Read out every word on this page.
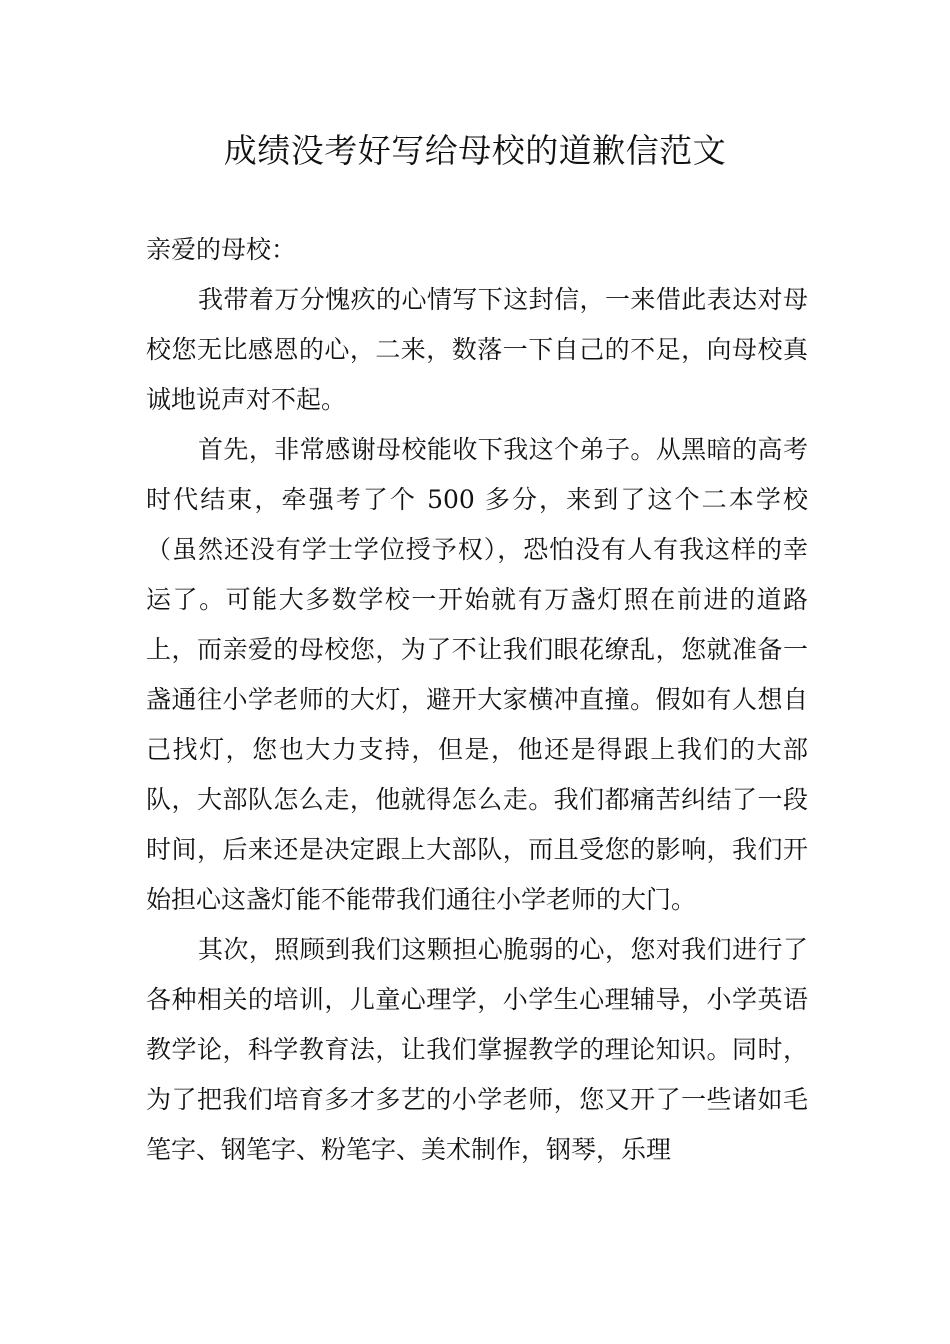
成绩没考好写给母校的道歉信范文

亲爱的母校：

我带着万分愧疚的心情写下这封信，一来借此表达对母校您无比感恩的心，二来，数落一下自己的不足，向母校真诚地说声对不起。

首先，非常感谢母校能收下我这个弟子。从黑暗的高考时代结束，牵强考了个 500 多分，来到了这个二本学校（虽然还没有学士学位授予权），恐怕没有人有我这样的幸运了。可能大多数学校一开始就有万盏灯照在前进的道路上，而亲爱的母校您，为了不让我们眼花缭乱，您就准备一盏通往小学老师的大灯，避开大家横冲直撞。假如有人想自己找灯，您也大力支持，但是，他还是得跟上我们的大部队，大部队怎么走，他就得怎么走。我们都痛苦纠结了一段时间，后来还是决定跟上大部队，而且受您的影响，我们开始担心这盏灯能不能带我们通往小学老师的大门。

其次，照顾到我们这颗担心脆弱的心，您对我们进行了各种相关的培训，儿童心理学，小学生心理辅导，小学英语教学论，科学教育法，让我们掌握教学的理论知识。同时，为了把我们培育多才多艺的小学老师，您又开了一些诸如毛笔字、钢笔字、粉笔字、美术制作，钢琴，乐理
